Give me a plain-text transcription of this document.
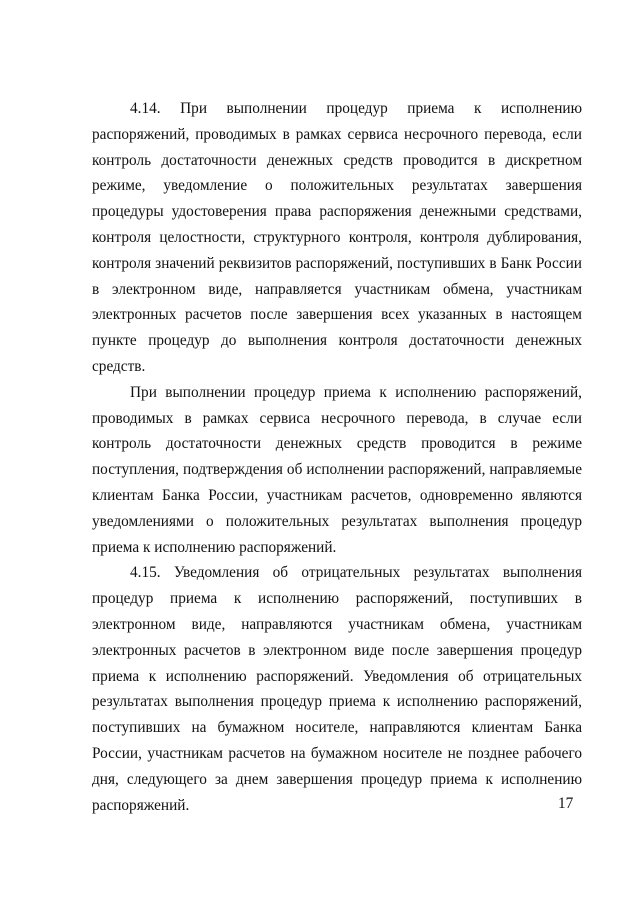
4.14. При выполнении процедур приема к исполнению распоряжений, проводимых в рамках сервиса несрочного перевода, если контроль достаточности денежных средств проводится в дискретном режиме, уведомление о положительных результатах завершения процедуры удостоверения права распоряжения денежными средствами, контроля целостности, структурного контроля, контроля дублирования, контроля значений реквизитов распоряжений, поступивших в Банк России в электронном виде, направляется участникам обмена, участникам электронных расчетов после завершения всех указанных в настоящем пункте процедур до выполнения контроля достаточности денежных средств.

При выполнении процедур приема к исполнению распоряжений, проводимых в рамках сервиса несрочного перевода, в случае если контроль достаточности денежных средств проводится в режиме поступления, подтверждения об исполнении распоряжений, направляемые клиентам Банка России, участникам расчетов, одновременно являются уведомлениями о положительных результатах выполнения процедур приема к исполнению распоряжений.

4.15. Уведомления об отрицательных результатах выполнения процедур приема к исполнению распоряжений, поступивших в электронном виде, направляются участникам обмена, участникам электронных расчетов в электронном виде после завершения процедур приема к исполнению распоряжений. Уведомления об отрицательных результатах выполнения процедур приема к исполнению распоряжений, поступивших на бумажном носителе, направляются клиентам Банка России, участникам расчетов на бумажном носителе не позднее рабочего дня, следующего за днем завершения процедур приема к исполнению распоряжений.	17
